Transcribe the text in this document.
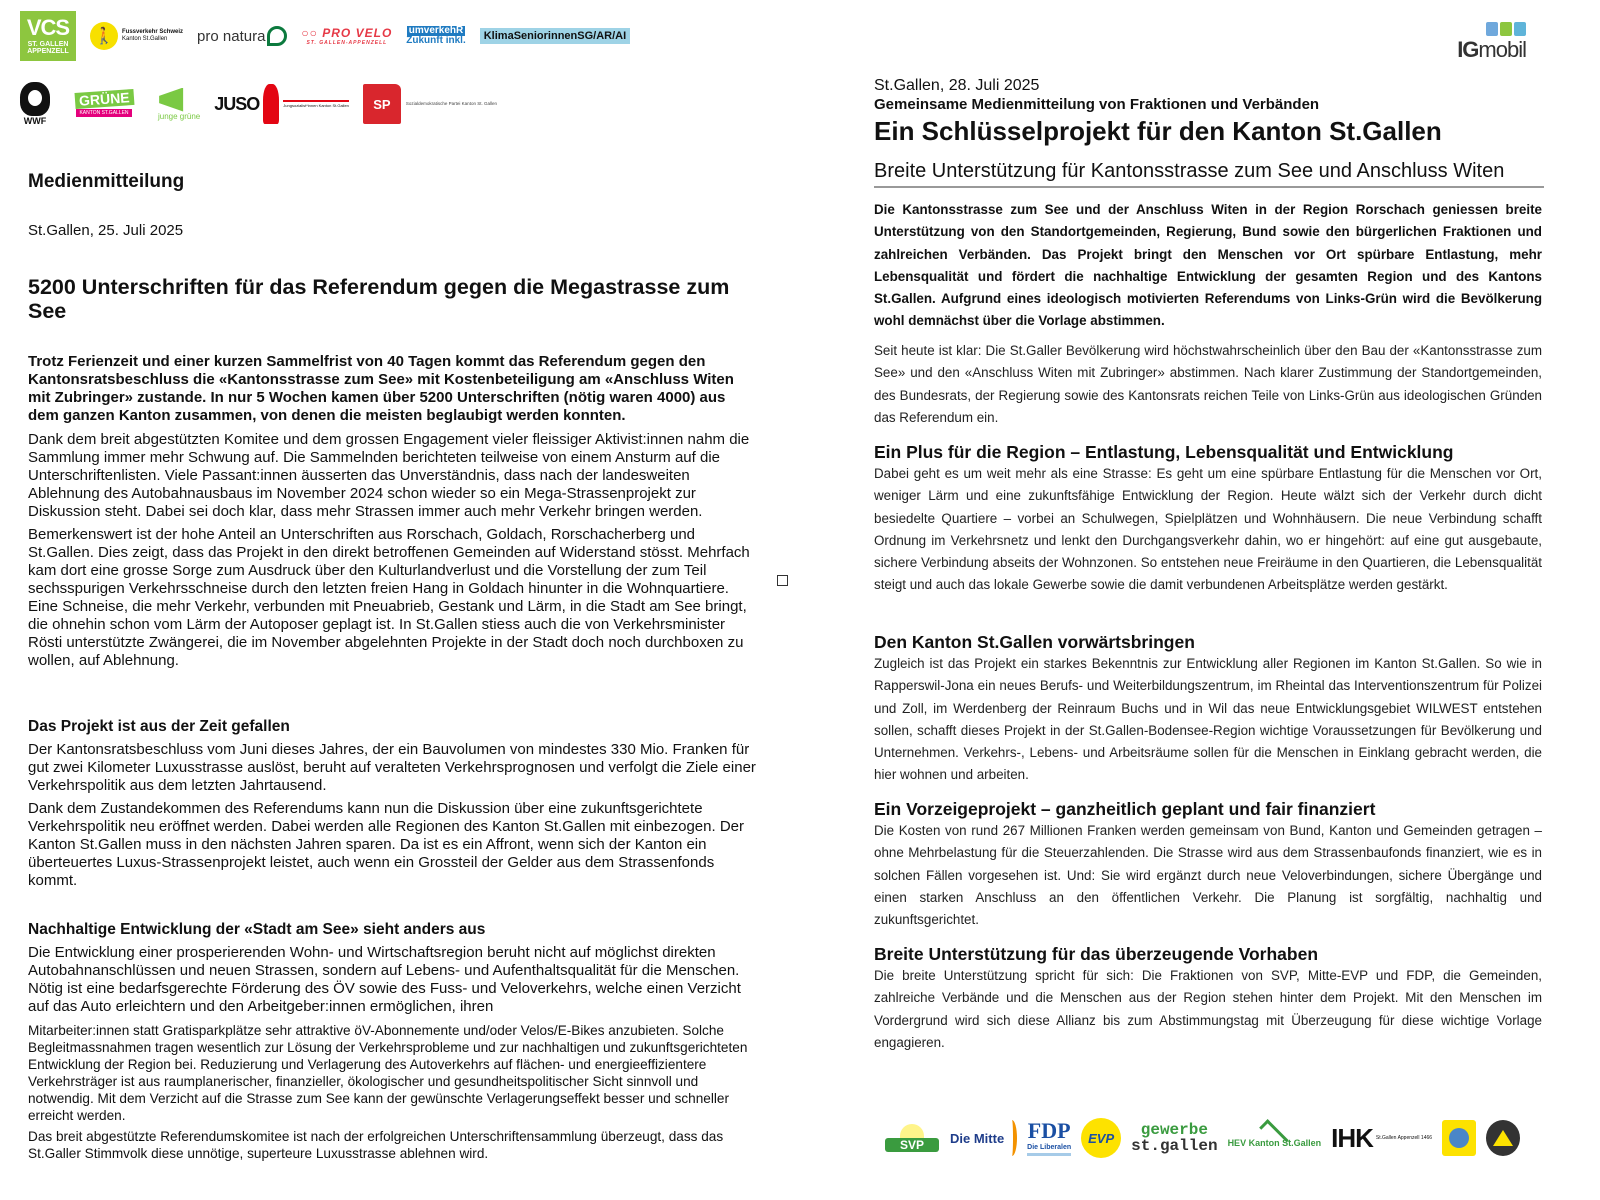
VCS
ST. GALLEN APPENZELL
🚶	Fussverkehr Schweiz
Kanton St.Gallen	pro natura	○○ PRO VELO
ST. GALLEN-APPENZELL
umverkehR
Zukunft inkl. KlimaSeniorinnen SG/AR/AI
WWF
GRÜNE
KANTON ST.GALLEN	junge grüne
JUSO	Jungsozialist*innen Kanton St.Gallen	SP	Sozialdemokratische Partei Kanton St. Gallen
Medienmitteilung
St.Gallen, 25. Juli 2025
5200 Unterschriften für das Referendum gegen die Megastrasse zum See
Trotz Ferienzeit und einer kurzen Sammelfrist von 40 Tagen kommt das Referendum gegen den Kantonsratsbeschluss die «Kantonsstrasse zum See» mit Kostenbeteiligung am «Anschluss Witen mit Zubringer» zustande. In nur 5 Wochen kamen über 5200 Unterschriften (nötig waren 4000) aus dem ganzen Kanton zusammen, von denen die meisten beglaubigt werden konnten.

Dank dem breit abgestützten Komitee und dem grossen Engagement vieler fleissiger Aktivist:innen nahm die Sammlung immer mehr Schwung auf. Die Sammelnden berichteten teilweise von einem Ansturm auf die Unterschriftenlisten. Viele Passant:innen äusserten das Unverständnis, dass nach der landesweiten Ablehnung des Autobahnausbaus im November 2024 schon wieder so ein Mega-Strassenprojekt zur Diskussion steht. Dabei sei doch klar, dass mehr Strassen immer auch mehr Verkehr bringen werden.

Bemerkenswert ist der hohe Anteil an Unterschriften aus Rorschach, Goldach, Rorschacherberg und St.Gallen. Dies zeigt, dass das Projekt in den direkt betroffenen Gemeinden auf Widerstand stösst. Mehrfach kam dort eine grosse Sorge zum Ausdruck über den Kulturlandverlust und die Vorstellung der zum Teil sechsspurigen Verkehrsschneise durch den letzten freien Hang in Goldach hinunter in die Wohnquartiere. Eine Schneise, die mehr Verkehr, verbunden mit Pneuabrieb, Gestank und Lärm, in die Stadt am See bringt, die ohnehin schon vom Lärm der Autoposer geplagt ist. In St.Gallen stiess auch die von Verkehrsminister Rösti unterstützte Zwängerei, die im November abgelehnten Projekte in der Stadt doch noch durchboxen zu wollen, auf Ablehnung.

Das Projekt ist aus der Zeit gefallen

Der Kantonsratsbeschluss vom Juni dieses Jahres, der ein Bauvolumen von mindestes 330 Mio. Franken für gut zwei Kilometer Luxusstrasse auslöst, beruht auf veralteten Verkehrsprognosen und verfolgt die Ziele einer Verkehrspolitik aus dem letzten Jahrtausend.

Dank dem Zustandekommen des Referendums kann nun die Diskussion über eine zukunftsgerichtete Verkehrspolitik neu eröffnet werden. Dabei werden alle Regionen des Kanton St.Gallen mit einbezogen. Der Kanton St.Gallen muss in den nächsten Jahren sparen. Da ist es ein Affront, wenn sich der Kanton ein überteuertes Luxus-Strassenprojekt leistet, auch wenn ein Grossteil der Gelder aus dem Strassenfonds kommt.

Nachhaltige Entwicklung der «Stadt am See» sieht anders aus

Die Entwicklung einer prosperierenden Wohn- und Wirtschaftsregion beruht nicht auf möglichst direkten Autobahnanschlüssen und neuen Strassen, sondern auf Lebens- und Aufenthaltsqualität für die Menschen. Nötig ist eine bedarfsgerechte Förderung des ÖV sowie des Fuss- und Veloverkehrs, welche einen Verzicht auf das Auto erleichtern und den Arbeitgeber:innen ermöglichen, ihren

Mitarbeiter:innen statt Gratisparkplätze sehr attraktive öV-Abonnemente und/oder Velos/E-Bikes anzubieten. Solche Begleitmassnahmen tragen wesentlich zur Lösung der Verkehrsprobleme und zur nachhaltigen und zukunftsgerichteten Entwicklung der Region bei. Reduzierung und Verlagerung des Autoverkehrs auf flächen- und energieeffizientere Verkehrsträger ist aus raumplanerischer, finanzieller, ökologischer und gesundheitspolitischer Sicht sinnvoll und notwendig. Mit dem Verzicht auf die Strasse zum See kann der gewünschte Verlagerungseffekt besser und schneller erreicht werden.

Das breit abgestützte Referendumskomitee ist nach der erfolgreichen Unterschriftensammlung überzeugt, dass das St.Galler Stimmvolk diese unnötige, superteure Luxusstrasse ablehnen wird.

IGmobil
St.Gallen, 28. Juli 2025
Gemeinsame Medienmitteilung von Fraktionen und Verbänden
Ein Schlüsselprojekt für den Kanton St.Gallen
Breite Unterstützung für Kantonsstrasse zum See und Anschluss Witen
Die Kantonsstrasse zum See und der Anschluss Witen in der Region Rorschach geniessen breite Unterstützung von den Standortgemeinden, Regierung, Bund sowie den bürgerlichen Fraktionen und zahlreichen Verbänden. Das Projekt bringt den Menschen vor Ort spürbare Entlastung, mehr Lebensqualität und fördert die nachhaltige Entwicklung der gesamten Region und des Kantons St.Gallen. Aufgrund eines ideologisch motivierten Referendums von Links-Grün wird die Bevölkerung wohl demnächst über die Vorlage abstimmen.
Seit heute ist klar: Die St.Galler Bevölkerung wird höchstwahrscheinlich über den Bau der «Kantonsstrasse zum See» und den «Anschluss Witen mit Zubringer» abstimmen. Nach klarer Zustimmung der Standortgemeinden, des Bundesrats, der Regierung sowie des Kantonsrats reichen Teile von Links-Grün aus ideologischen Gründen das Referendum ein.
Ein Plus für die Region – Entlastung, Lebensqualität und Entwicklung

Dabei geht es um weit mehr als eine Strasse: Es geht um eine spürbare Entlastung für die Menschen vor Ort, weniger Lärm und eine zukunftsfähige Entwicklung der Region. Heute wälzt sich der Verkehr durch dicht besiedelte Quartiere – vorbei an Schulwegen, Spielplätzen und Wohnhäusern. Die neue Verbindung schafft Ordnung im Verkehrsnetz und lenkt den Durchgangsverkehr dahin, wo er hingehört: auf eine gut ausgebaute, sichere Verbindung abseits der Wohnzonen. So entstehen neue Freiräume in den Quartieren, die Lebensqualität steigt und auch das lokale Gewerbe sowie die damit verbundenen Arbeitsplätze werden gestärkt.

Den Kanton St.Gallen vorwärtsbringen

Zugleich ist das Projekt ein starkes Bekenntnis zur Entwicklung aller Regionen im Kanton St.Gallen. So wie in Rapperswil-Jona ein neues Berufs- und Weiterbildungszentrum, im Rheintal das Interventionszentrum für Polizei und Zoll, im Werdenberg der Reinraum Buchs und in Wil das neue Entwicklungsgebiet WILWEST entstehen sollen, schafft dieses Projekt in der St.Gallen-Bodensee-Region wichtige Voraussetzungen für Bevölkerung und Unternehmen. Verkehrs-, Lebens- und Arbeitsräume sollen für die Menschen in Einklang gebracht werden, die hier wohnen und arbeiten.

Ein Vorzeigeprojekt – ganzheitlich geplant und fair finanziert

Die Kosten von rund 267 Millionen Franken werden gemeinsam von Bund, Kanton und Gemeinden getragen – ohne Mehrbelastung für die Steuerzahlenden. Die Strasse wird aus dem Strassenbaufonds finanziert, wie es in solchen Fällen vorgesehen ist. Und: Sie wird ergänzt durch neue Veloverbindungen, sichere Übergänge und einen starken Anschluss an den öffentlichen Verkehr. Die Planung ist sorgfältig, nachhaltig und zukunftsgerichtet.

Breite Unterstützung für das überzeugende Vorhaben

Die breite Unterstützung spricht für sich: Die Fraktionen von SVP, Mitte-EVP und FDP, die Gemeinden, zahlreiche Verbände und die Menschen aus der Region stehen hinter dem Projekt. Mit den Menschen im Vordergrund wird sich diese Allianz bis zum Abstimmungstag mit Überzeugung für diese wichtige Vorlage engagieren.

SVP	Die Mitte FDP
Die Liberalen
EVP	gewerbe
st.gallen HEV Kanton St.Gallen IHK St.Gallen Appenzell 1466
